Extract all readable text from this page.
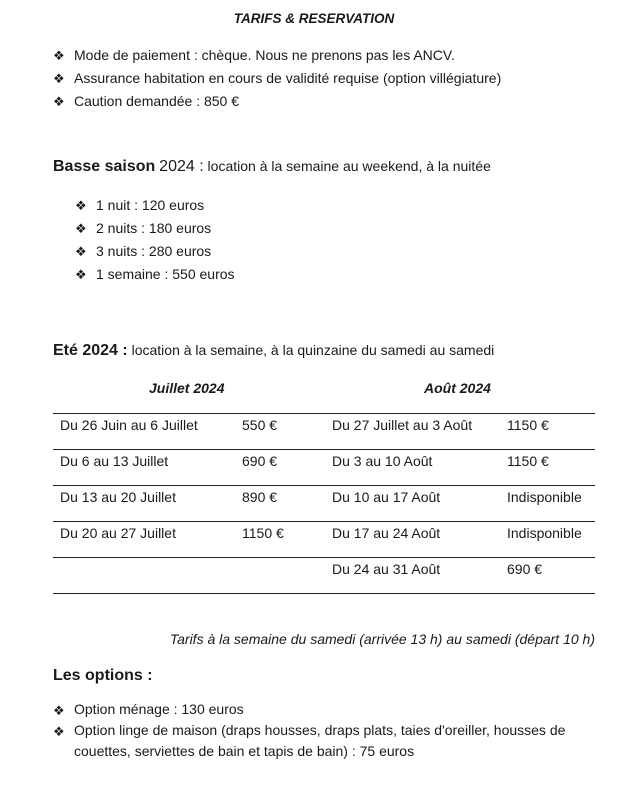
TARIFS & RESERVATION
❖ Mode de paiement : chèque. Nous ne prenons pas les ANCV.
❖ Assurance habitation en cours de validité requise (option villégiature)
❖ Caution demandée : 850 €
Basse saison 2024 : location à la semaine au weekend, à la nuitée
❖ 1 nuit : 120 euros
❖ 2 nuits : 180 euros
❖ 3 nuits : 280 euros
❖ 1 semaine : 550 euros
Eté 2024 : location à la semaine, à la quinzaine du samedi au samedi
Juillet 2024	Août 2024
Du 26 Juin au 6 Juillet	550 €	Du 27 Juillet au 3 Août	1150 €
Du 6 au 13 Juillet	690 €	Du 3 au 10 Août	1150 €
Du 13 au 20 Juillet	890 €	Du 10 au 17 Août	Indisponible
Du 20 au 27 Juillet	1150 €	Du 17 au 24 Août	Indisponible
		Du 24 au 31 Août	690 €
Tarifs à la semaine du samedi (arrivée 13 h) au samedi (départ 10 h)
Les options :
❖ Option ménage : 130 euros
❖ Option linge de maison (draps housses, draps plats, taies d'oreiller, housses de couettes, serviettes de bain et tapis de bain) : 75 euros
